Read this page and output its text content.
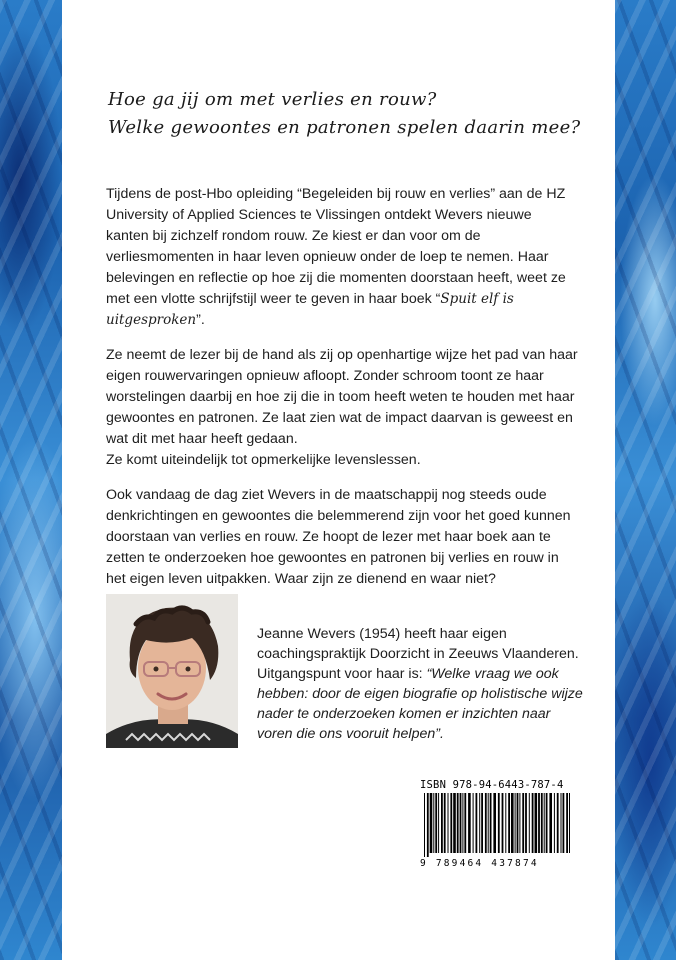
Hoe ga jij om met verlies en rouw?
Welke gewoontes en patronen spelen daarin mee?

Tijdens de post-Hbo opleiding “Begeleiden bij rouw en verlies” aan de HZ University of Applied Sciences te Vlissingen ontdekt Wevers nieuwe kanten bij zichzelf rondom rouw. Ze kiest er dan voor om de verliesmomenten in haar leven opnieuw onder de loep te nemen. Haar belevingen en reflectie op hoe zij die momenten doorstaan heeft, weet ze met een vlotte schrijfstijl weer te geven in haar boek “Spuit elf is uitgesproken”.

Ze neemt de lezer bij de hand als zij op openhartige wijze het pad van haar eigen rouwervaringen opnieuw afloopt. Zonder schroom toont ze haar worstelingen daarbij en hoe zij die in toom heeft weten te houden met haar gewoontes en patronen. Ze laat zien wat de impact daarvan is geweest en wat dit met haar heeft gedaan.
Ze komt uiteindelijk tot opmerkelijke levenslessen.

Ook vandaag de dag ziet Wevers in de maatschappij nog steeds oude denkrichtingen en gewoontes die belemmerend zijn voor het goed kunnen doorstaan van verlies en rouw. Ze hoopt de lezer met haar boek aan te zetten te onderzoeken hoe gewoontes en patronen bij verlies en rouw in het eigen leven uitpakken. Waar zijn ze dienend en waar niet?

Jeanne Wevers (1954) heeft haar eigen coachingspraktijk Doorzicht in Zeeuws Vlaanderen. Uitgangspunt voor haar is: “Welke vraag we ook hebben: door de eigen biografie op holistische wijze nader te onderzoeken komen er inzichten naar voren die ons vooruit helpen”.
ISBN 978-94-6443-787-4
9 789464 437874
